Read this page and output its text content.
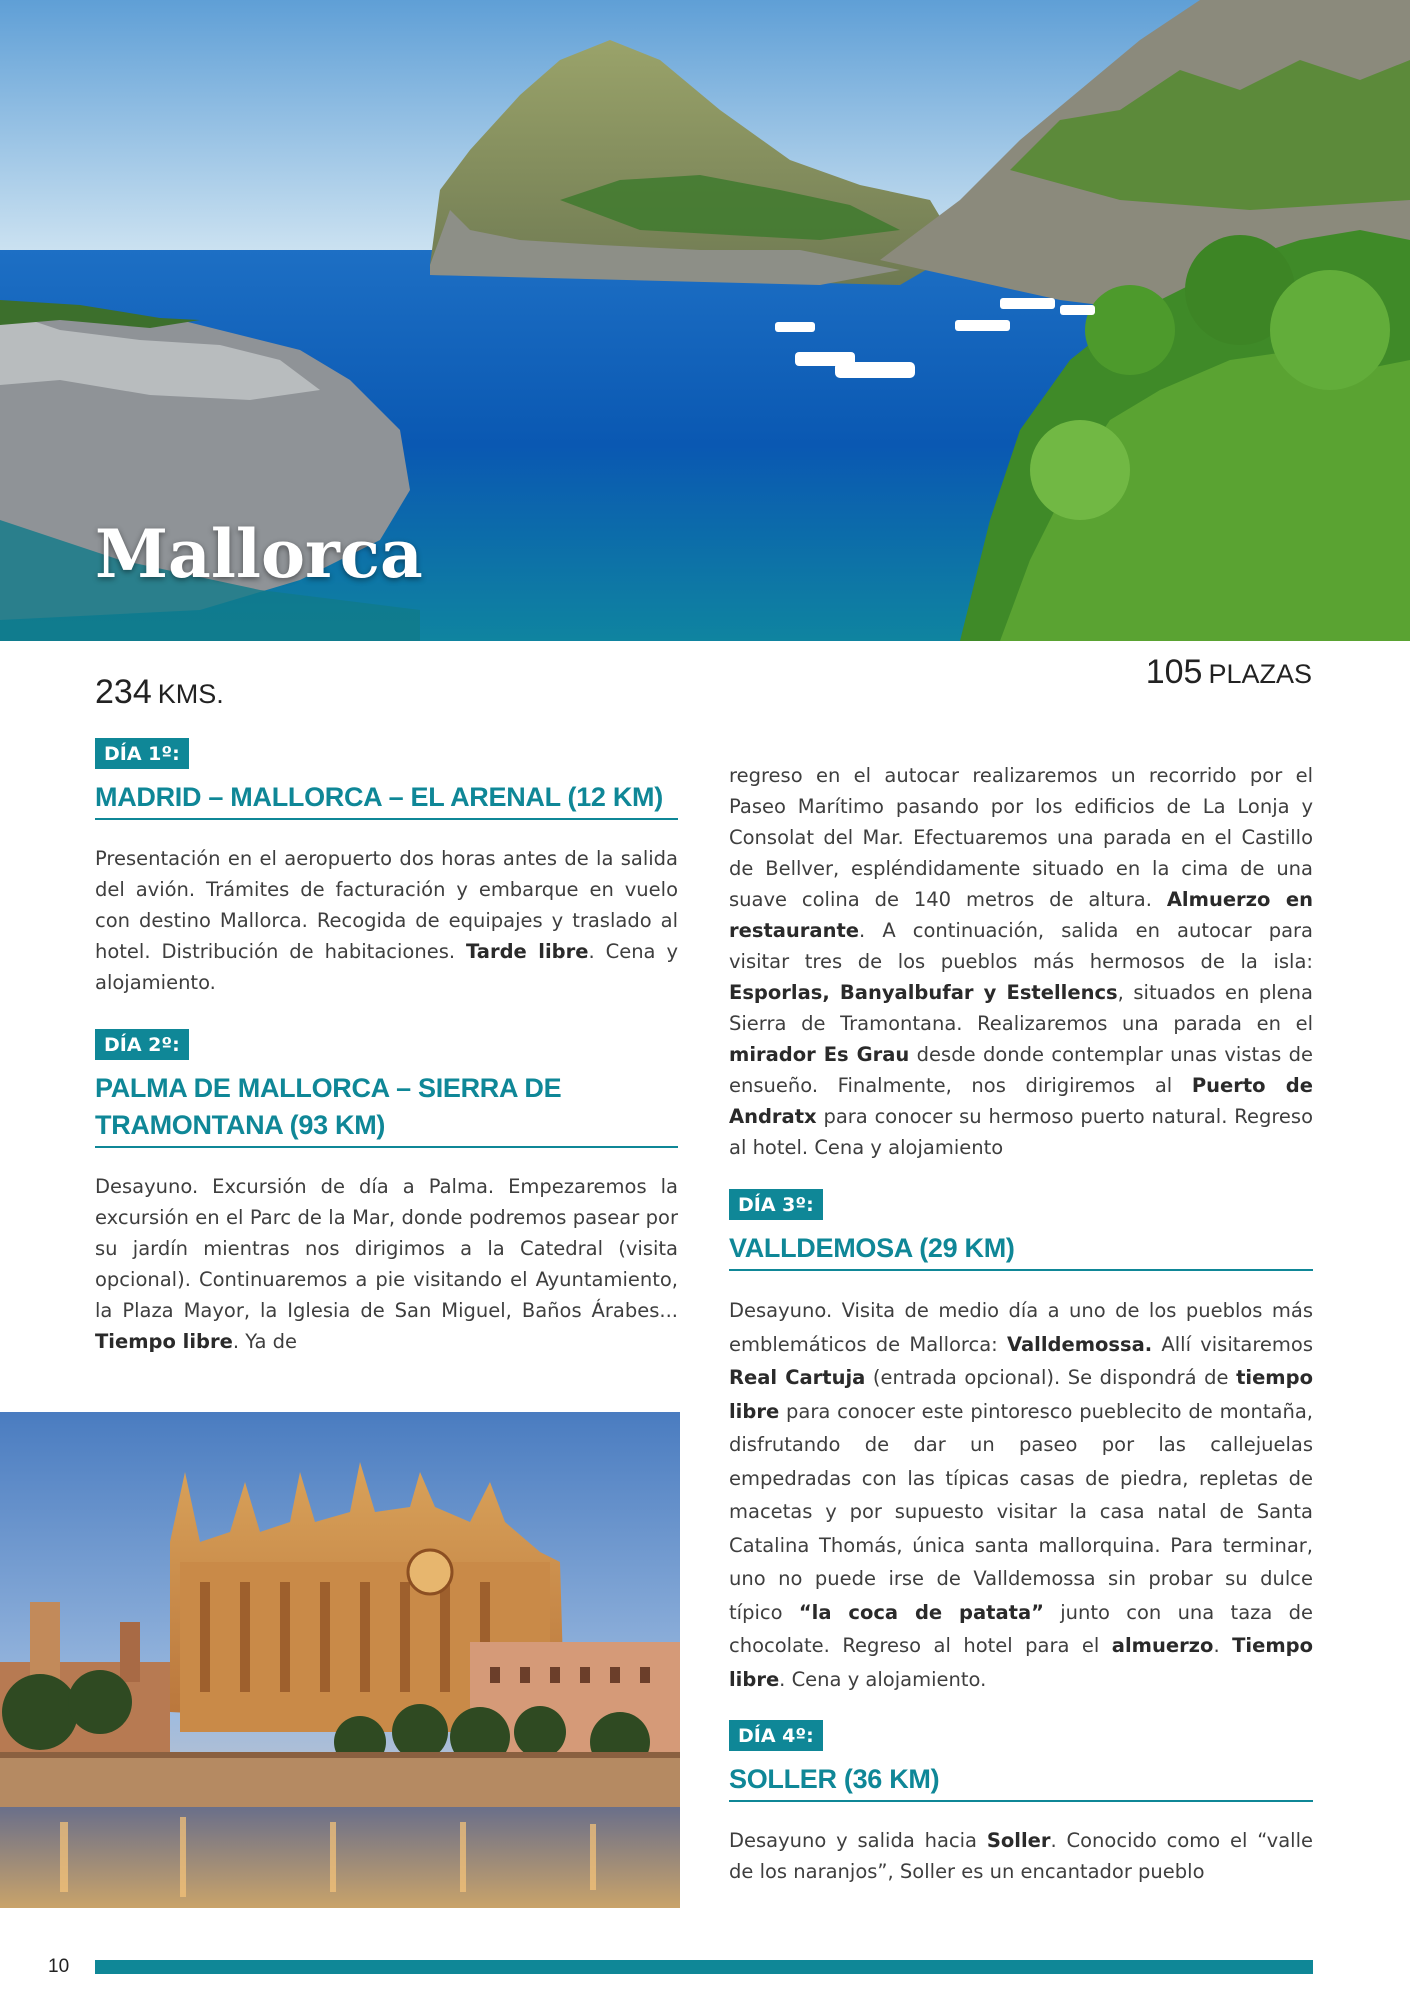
Mallorca
234 KMS.
105 PLAZAS
DÍA 1º:
MADRID – MALLORCA – EL ARENAL (12 KM)

Presentación en el aeropuerto dos horas antes de la salida del avión. Trámites de facturación y embarque en vuelo con destino Mallorca. Recogida de equipajes y traslado al hotel. Distribución de habitaciones. Tarde libre. Cena y alojamiento.

DÍA 2º:
PALMA DE MALLORCA – SIERRA DE TRAMONTANA (93 KM)

Desayuno. Excursión de día a Palma. Empezaremos la excursión en el Parc de la Mar, donde podremos pasear por su jardín mientras nos dirigimos a la Catedral (visita opcional). Continuaremos a pie visitando el Ayuntamiento, la Plaza Mayor, la Iglesia de San Miguel, Baños Árabes... Tiempo libre. Ya de

regreso en el autocar realizaremos un recorrido por el Paseo Marítimo pasando por los edificios de La Lonja y Consolat del Mar. Efectuaremos una parada en el Castillo de Bellver, espléndidamente situado en la cima de una suave colina de 140 metros de altura. Almuerzo en restaurante. A continuación, salida en autocar para visitar tres de los pueblos más hermosos de la isla: Esporlas, Banyalbufar y Estellencs, situados en plena Sierra de Tramontana. Realizaremos una parada en el mirador Es Grau desde donde contemplar unas vistas de ensueño. Finalmente, nos dirigiremos al Puerto de Andratx para conocer su hermoso puerto natural. Regreso al hotel. Cena y alojamiento

DÍA 3º:
VALLDEMOSA (29 KM)

Desayuno. Visita de medio día a uno de los pueblos más emblemáticos de Mallorca: Valldemossa. Allí visitaremos Real Cartuja (entrada opcional). Se dispondrá de tiempo libre para conocer este pintoresco pueblecito de montaña, disfrutando de dar un paseo por las callejuelas empedradas con las típicas casas de piedra, repletas de macetas y por supuesto visitar la casa natal de Santa Catalina Thomás, única santa mallorquina. Para terminar, uno no puede irse de Valldemossa sin probar su dulce típico “la coca de patata” junto con una taza de chocolate. Regreso al hotel para el almuerzo. Tiempo libre. Cena y alojamiento.

DÍA 4º:
SOLLER (36 KM)

Desayuno y salida hacia Soller. Conocido como el “valle de los naranjos”, Soller es un encantador pueblo

10
